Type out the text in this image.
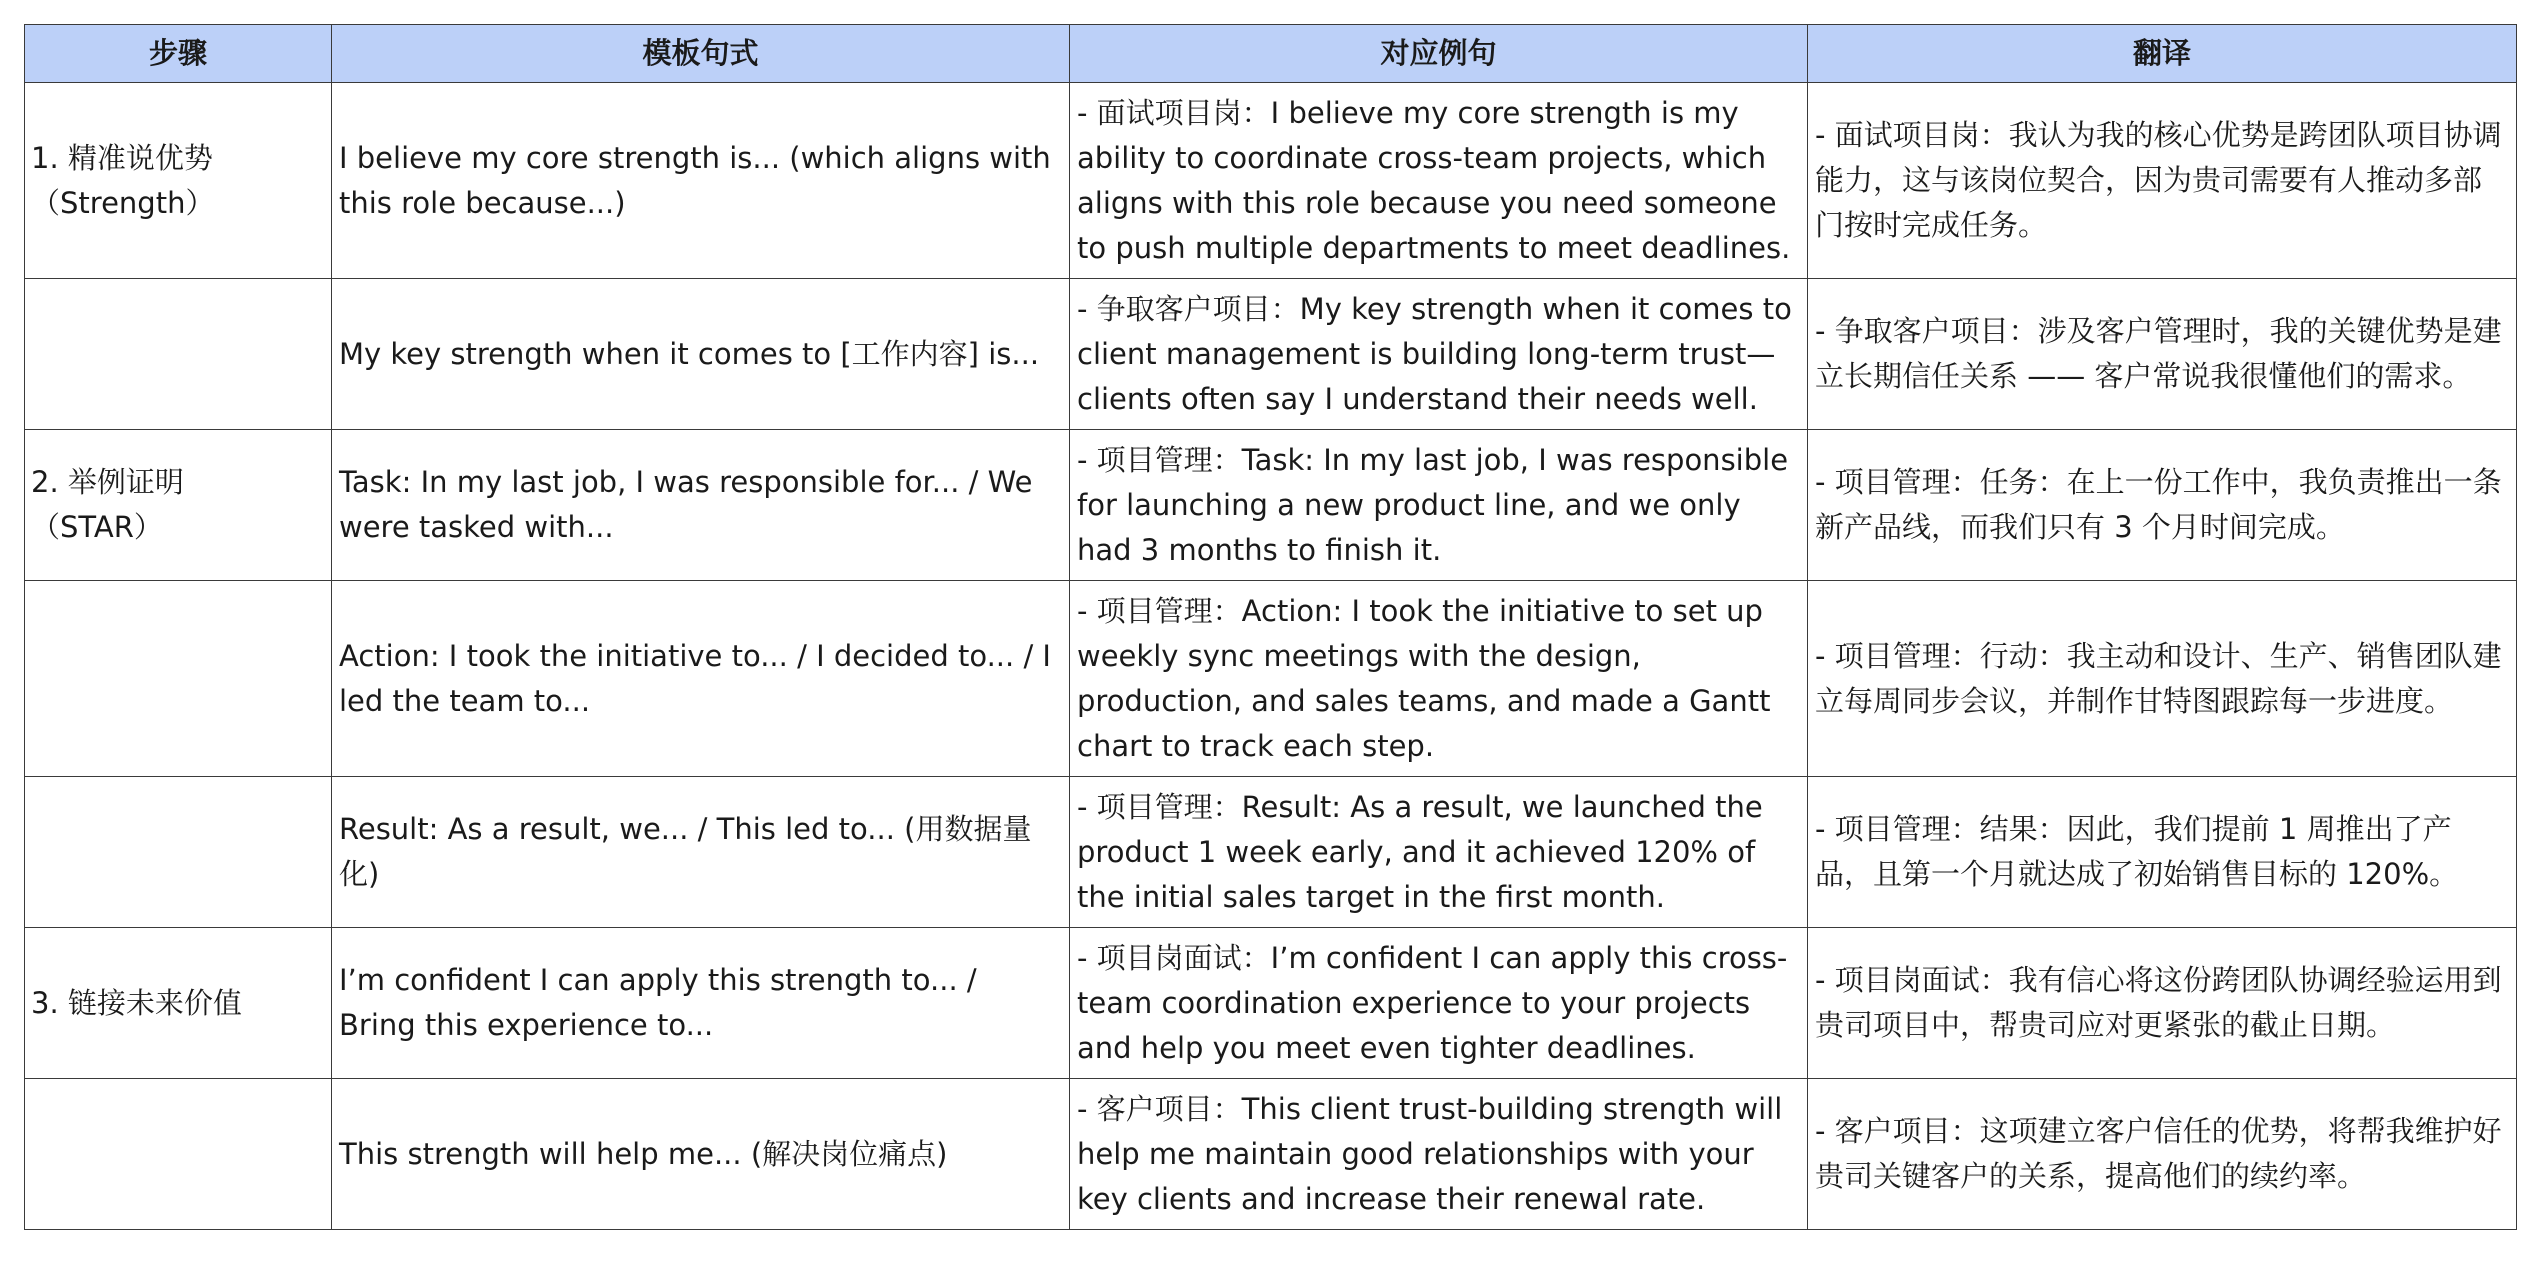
步骤	模板句式	对应例句	翻译
1. 精准说优势
（Strength）	I believe my core strength is... (which aligns with this role because...)	- 面试项目岗：I believe my core strength is my ability to coordinate cross-team projects, which aligns with this role because you need someone to push multiple departments to meet deadlines.	- 面试项目岗：我认为我的核心优势是跨团队项目协调能力，这与该岗位契合，因为贵司需要有人推动多部门按时完成任务。
	My key strength when it comes to [工作内容] is...	- 争取客户项目：My key strength when it comes to client management is building long-term trust—clients often say I understand their needs well.	- 争取客户项目：涉及客户管理时，我的关键优势是建立长期信任关系 —— 客户常说我很懂他们的需求。
2. 举例证明
（STAR）	Task: In my last job, I was responsible for... / We were tasked with...	- 项目管理：Task: In my last job, I was responsible for launching a new product line, and we only had 3 months to finish it.	- 项目管理：任务：在上一份工作中，我负责推出一条新产品线，而我们只有 3 个月时间完成。
	Action: I took the initiative to... / I decided to... / I led the team to...	- 项目管理：Action: I took the initiative to set up weekly sync meetings with the design, production, and sales teams, and made a Gantt chart to track each step.	- 项目管理：行动：我主动和设计、生产、销售团队建立每周同步会议，并制作甘特图跟踪每一步进度。
	Result: As a result, we... / This led to... (用数据量化)	- 项目管理：Result: As a result, we launched the product 1 week early, and it achieved 120% of the initial sales target in the first month.	- 项目管理：结果：因此，我们提前 1 周推出了产品，且第一个月就达成了初始销售目标的 120%。
3. 链接未来价值	I’m confident I can apply this strength to... / Bring this experience to...	- 项目岗面试：I’m confident I can apply this cross-team coordination experience to your projects and help you meet even tighter deadlines.	- 项目岗面试：我有信心将这份跨团队协调经验运用到贵司项目中，帮贵司应对更紧张的截止日期。
	This strength will help me... (解决岗位痛点)	- 客户项目：This client trust-building strength will help me maintain good relationships with your key clients and increase their renewal rate.	- 客户项目：这项建立客户信任的优势，将帮我维护好贵司关键客户的关系，提高他们的续约率。
